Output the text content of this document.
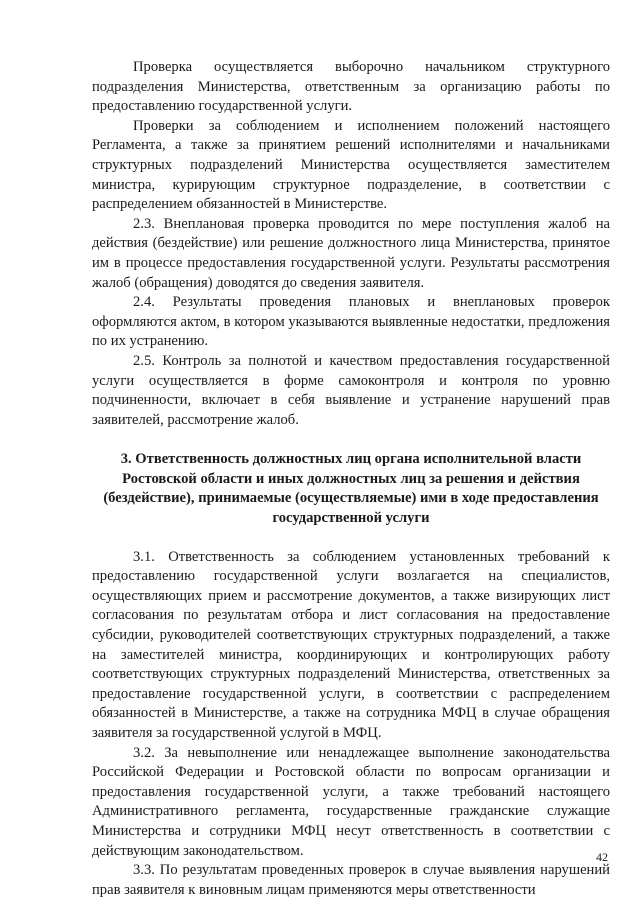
Проверка осуществляется выборочно начальником структурного подразделения Министерства, ответственным за организацию работы по предоставлению государственной услуги.

Проверки за соблюдением и исполнением положений настоящего Регламента, а также за принятием решений исполнителями и начальниками структурных подразделений Министерства осуществляется заместителем министра, курирующим структурное подразделение, в соответствии с распределением обязанностей в Министерстве.

2.3. Внеплановая проверка проводится по мере поступления жалоб на действия (бездействие) или решение должностного лица Министерства, принятое им в процессе предоставления государственной услуги. Результаты рассмотрения жалоб (обращения) доводятся до сведения заявителя.

2.4. Результаты проведения плановых и внеплановых проверок оформляются актом, в котором указываются выявленные недостатки, предложения по их устранению.

2.5. Контроль за полнотой и качеством предоставления государственной услуги осуществляется в форме самоконтроля и контроля по уровню подчиненности, включает в себя выявление и устранение нарушений прав заявителей, рассмотрение жалоб.

3. Ответственность должностных лиц органа исполнительной власти Ростовской области и иных должностных лиц за решения и действия (бездействие), принимаемые (осуществляемые) ими в ходе предоставления государственной услуги

3.1. Ответственность за соблюдением установленных требований к предоставлению государственной услуги возлагается на специалистов, осуществляющих прием и рассмотрение документов, а также визирующих лист согласования по результатам отбора и лист согласования на предоставление субсидии, руководителей соответствующих структурных подразделений, а также на заместителей министра, координирующих и контролирующих работу соответствующих структурных подразделений Министерства, ответственных за предоставление государственной услуги, в соответствии с распределением обязанностей в Министерстве, а также на сотрудника МФЦ в случае обращения заявителя за государственной услугой в МФЦ.

3.2. За невыполнение или ненадлежащее выполнение законодательства Российской Федерации и Ростовской области по вопросам организации и предоставления государственной услуги, а также требований настоящего Административного регламента, государственные гражданские служащие Министерства и сотрудники МФЦ несут ответственность в соответствии с действующим законодательством.

3.3. По результатам проведенных проверок в случае выявления нарушений прав заявителя к виновным лицам применяются меры ответственности

42
